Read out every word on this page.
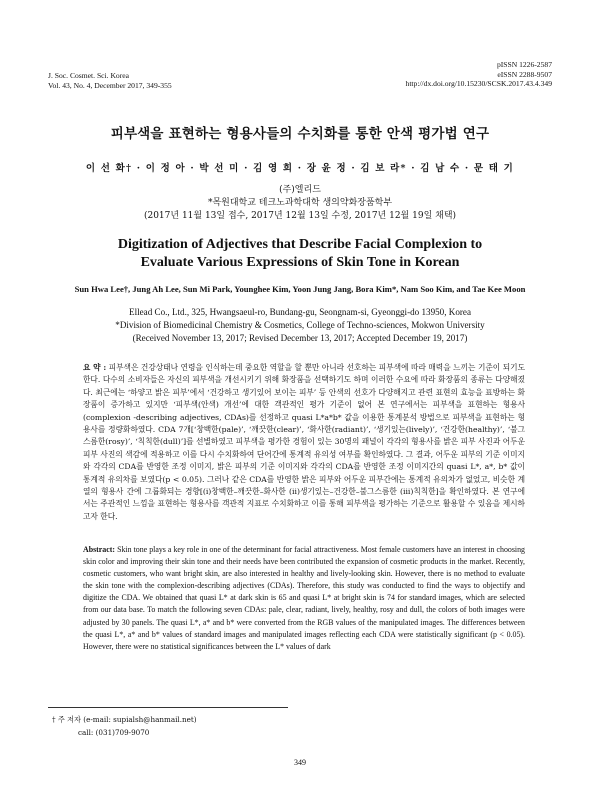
J. Soc. Cosmet. Sci. Korea
Vol. 43, No. 4, December 2017, 349-355
pISSN 1226-2587
eISSN 2288-9507
http://dx.doi.org/10.15230/SCSK.2017.43.4.349
피부색을 표현하는 형용사들의 수치화를 통한 안색 평가법 연구
이 선 화† · 이 정 아 · 박 선 미 · 김 영 희 · 장 윤 정 · 김 보 라* · 김 남 수 · 문 태 기
(주)엘리드
*목원대학교 테크노과학대학 생의약화장품학부
(2017년 11월 13일 접수, 2017년 12월 13일 수정, 2017년 12월 19일 채택)
Digitization of Adjectives that Describe Facial Complexion to
Evaluate Various Expressions of Skin Tone in Korean
Sun Hwa Lee†, Jung Ah Lee, Sun Mi Park, Younghee Kim, Yoon Jung Jang, Bora Kim*, Nam Soo Kim, and Tae Kee Moon
Ellead Co., Ltd., 325, Hwangsaeul-ro, Bundang-gu, Seongnam-si, Gyeonggi-do 13950, Korea
*Division of Biomedicinal Chemistry & Cosmetics, College of Techno-sciences, Mokwon University
(Received November 13, 2017; Revised December 13, 2017; Accepted December 19, 2017)
요 약 : 피부색은 건강상태나 연령을 인식하는데 중요한 역할을 할 뿐만 아니라 선호하는 피부색에 따라 매력을 느끼는 기준이 되기도 한다. 다수의 소비자들은 자신의 피부색을 개선시키기 위해 화장품을 선택하기도 하며 이러한 수요에 따라 화장품의 종류는 다양해졌다. 최근에는 ‘하얗고 밝은 피부’에서 ‘건강하고 생기있어 보이는 피부’ 등 안색의 선호가 다양해지고 관련 표현의 효능을 표방하는 화장품이 증가하고 있지만 ‘피부색(안색) 개선’에 대한 객관적인 평가 기준이 없어 본 연구에서는 피부색을 표현하는 형용사(complexion -describing adjectives, CDAs)를 선정하고 quasi L*a*b* 값을 이용한 통계분석 방법으로 피부색을 표현하는 형용사를 정량화하였다. CDA 7개[‘창백한(pale)’, ‘깨끗한(clear)’, ‘화사한(radiant)’, ‘생기있는(lively)’, ‘건강한(healthy)’, ‘불그스름한(rosy)’, ‘칙칙한(dull)’]를 선별하였고 피부색을 평가한 경험이 있는 30명의 패널이 각각의 형용사를 밝은 피부 사진과 어두운 피부 사진의 색감에 적용하고 이를 다시 수치화하여 단어간에 통계적 유의성 여부를 확인하였다. 그 결과, 어두운 피부의 기준 이미지와 각각의 CDA를 반영한 조정 이미지, 밝은 피부의 기준 이미지와 각각의 CDA를 반영한 조정 이미지간의 quasi L*, a*, b* 값이 통계적 유의차를 보였다(p < 0.05). 그러나 같은 CDA를 반영한 밝은 피부와 어두운 피부간에는 통계적 유의차가 없었고, 비슷한 계열의 형용사 간에 그룹화되는 경향[(i)창백한–깨끗한–화사한 (ii)생기있는–건강한–불그스름한 (iii)칙칙한]을 확인하였다. 본 연구에서는 주관적인 느낌을 표현하는 형용사를 객관적 지표로 수치화하고 이를 통해 피부색을 평가하는 기준으로 활용할 수 있음을 제시하고자 한다.
Abstract: Skin tone plays a key role in one of the determinant for facial attractiveness. Most female customers have an interest in choosing skin color and improving their skin tone and their needs have been contributed the expansion of cosmetic products in the market. Recently, cosmetic customers, who want bright skin, are also interested in healthy and lively-looking skin. However, there is no method to evaluate the skin tone with the complexion-describing adjectives (CDAs). Therefore, this study was conducted to find the ways to objectify and digitize the CDA. We obtained that quasi L* at dark skin is 65 and quasi L* at bright skin is 74 for standard images, which are selected from our data base. To match the following seven CDAs: pale, clear, radiant, lively, healthy, rosy and dull, the colors of both images were adjusted by 30 panels. The quasi L*, a* and b* were converted from the RGB values of the manipulated images. The differences between the quasi L*, a* and b* values of standard images and manipulated images reflecting each CDA were statistically significant (p < 0.05). However, there were no statistical significances between the L* values of dark
† 주 저자 (e-mail: supialsh@hanmail.net)
call: (031)709-9070
349
